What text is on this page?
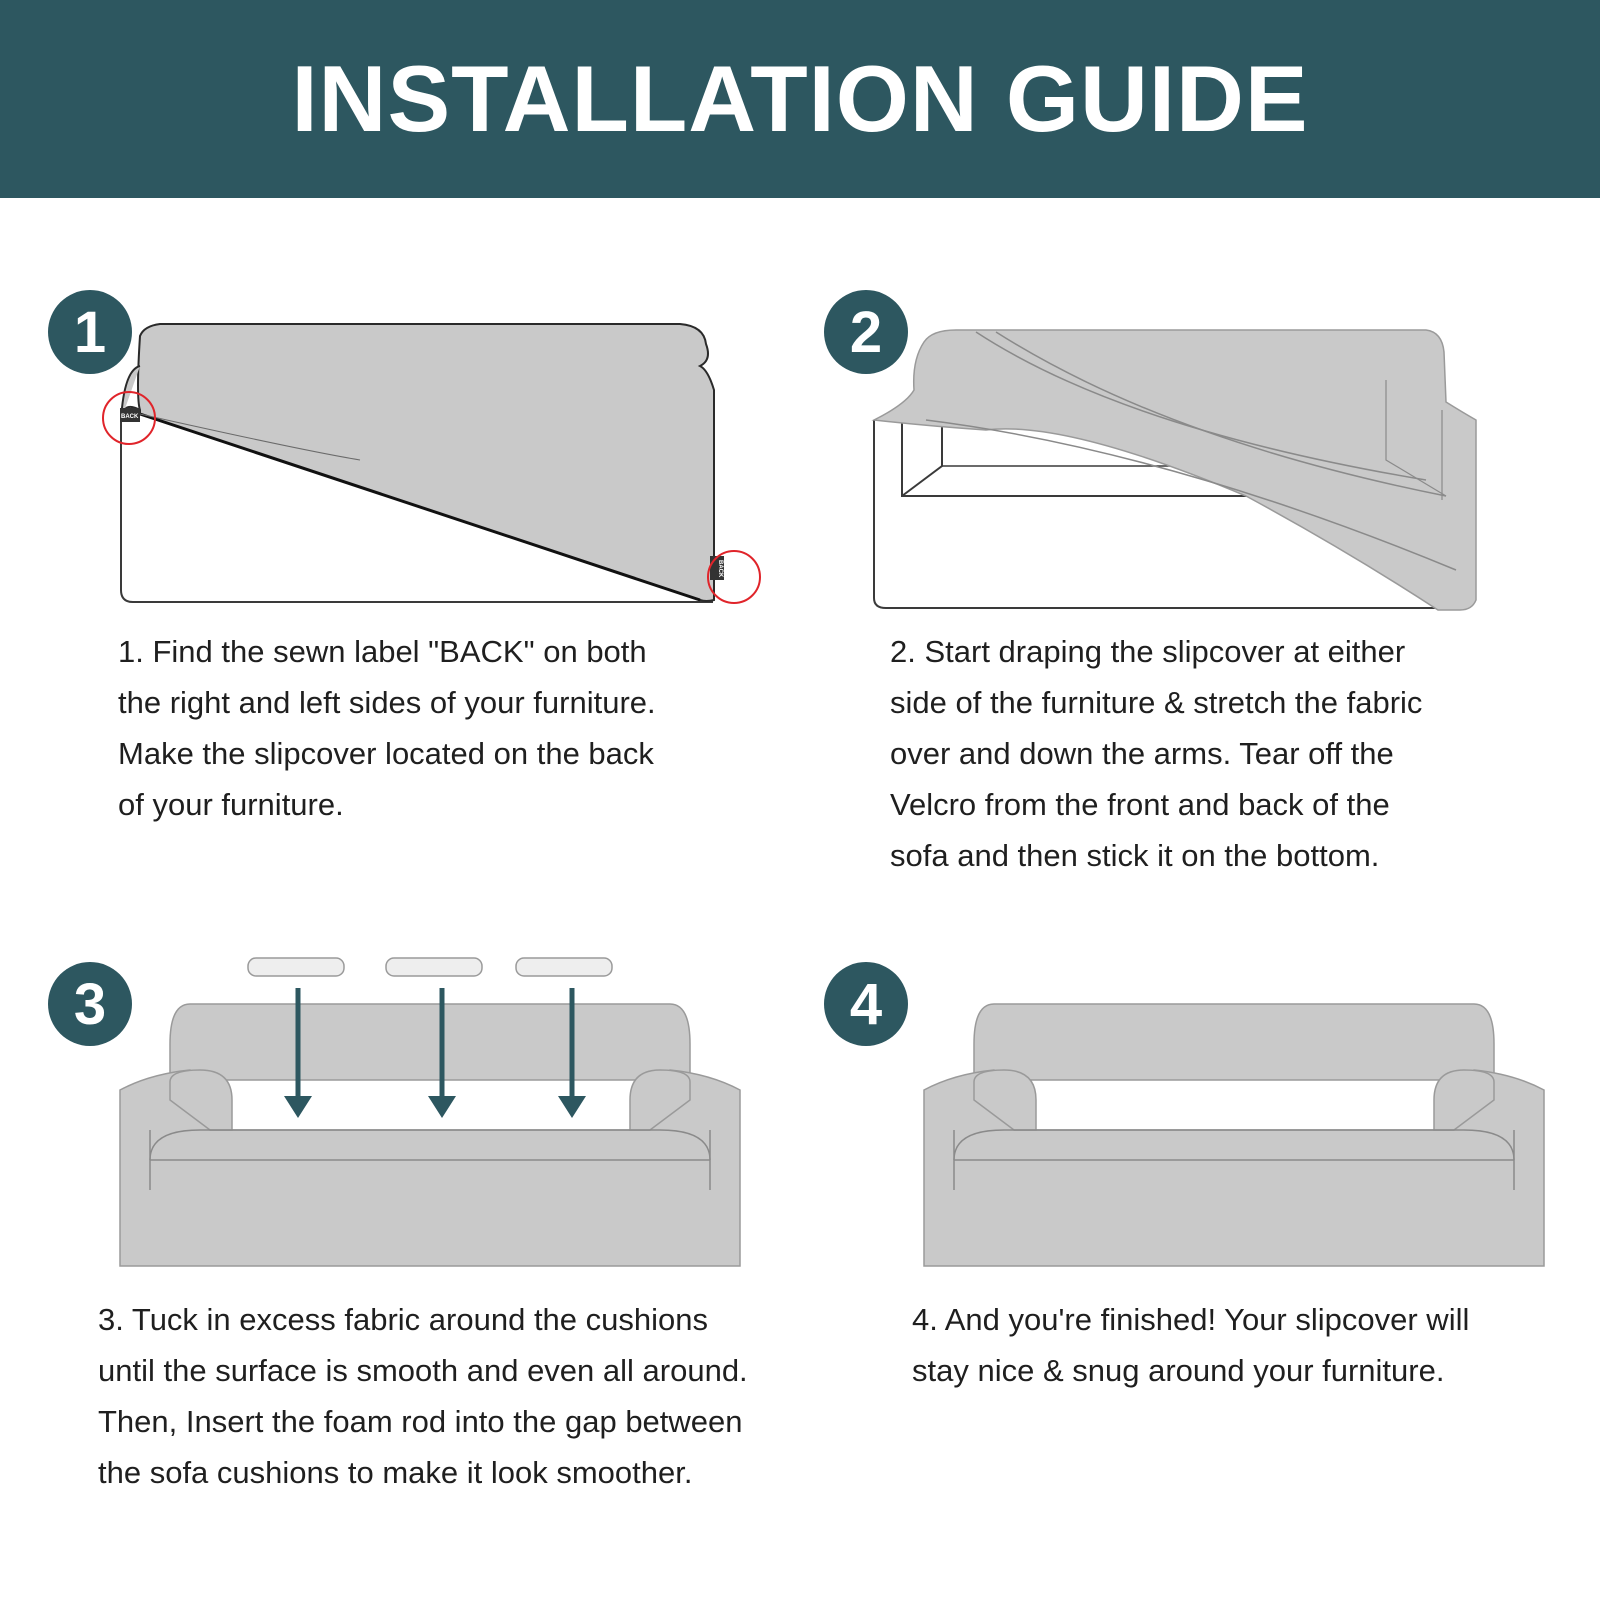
INSTALLATION GUIDE
1
BACK
BACK

1. Find the sewn label "BACK" on both
the right and left sides of your furniture.
Make the slipcover located on the back
of your furniture.

2

2. Start draping the slipcover at either
side of the furniture & stretch the fabric
over and down the arms. Tear off the
Velcro from the front and back of the
sofa and then stick it on the bottom.

3

3. Tuck in excess fabric around the cushions
until the surface is smooth and even all around.
Then, Insert the foam rod into the gap between
the sofa cushions to make it look smoother.

4

4. And you're finished! Your slipcover will
stay nice & snug around your furniture.
